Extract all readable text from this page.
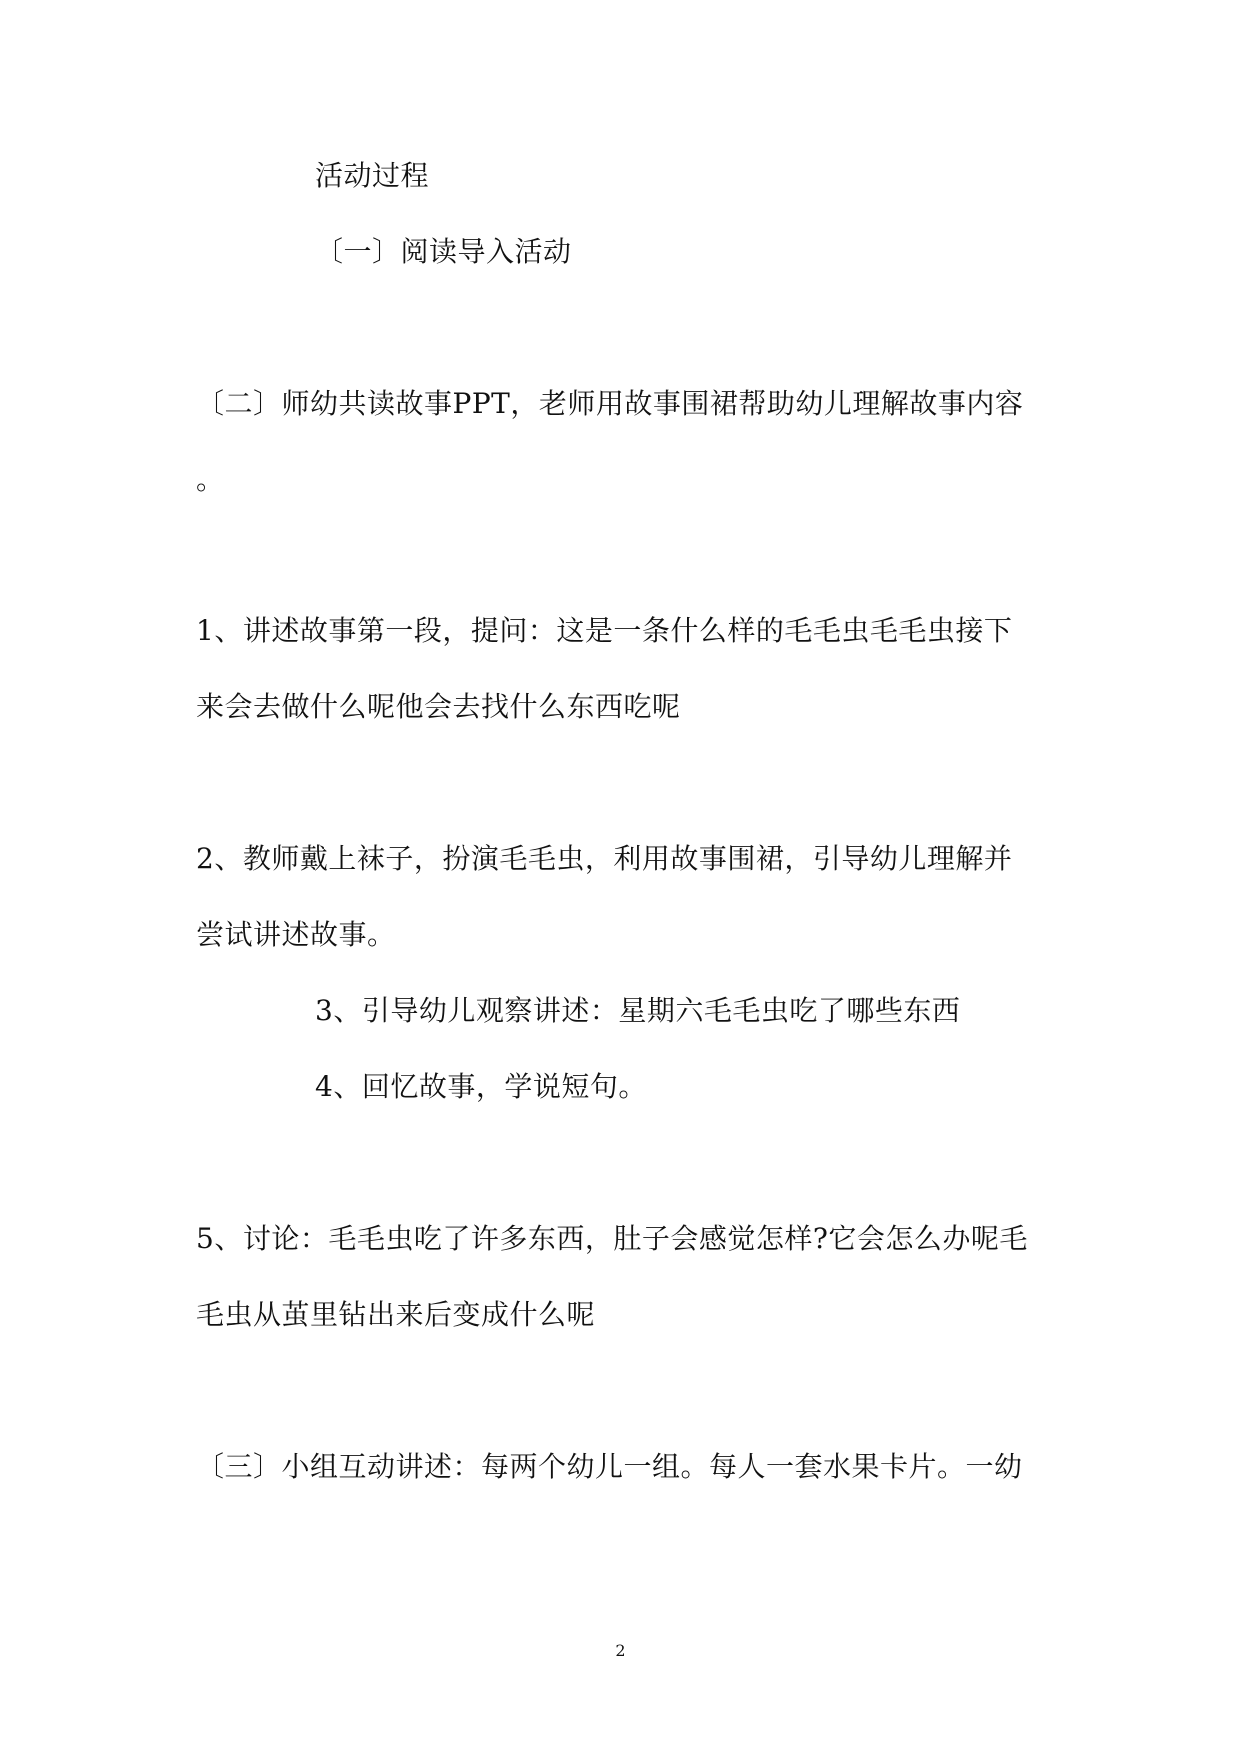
活动过程
〔一〕阅读导入活动
〔二〕师幼共读故事PPT，老师用故事围裙帮助幼儿理解故事内容
。
1、讲述故事第一段，提问：这是一条什么样的毛毛虫毛毛虫接下
来会去做什么呢他会去找什么东西吃呢
2、教师戴上袜子，扮演毛毛虫，利用故事围裙，引导幼儿理解并
尝试讲述故事。
3、引导幼儿观察讲述：星期六毛毛虫吃了哪些东西
4、回忆故事，学说短句。
5、讨论：毛毛虫吃了许多东西，肚子会感觉怎样?它会怎么办呢毛
毛虫从茧里钻出来后变成什么呢
〔三〕小组互动讲述：每两个幼儿一组。每人一套水果卡片。一幼
2
